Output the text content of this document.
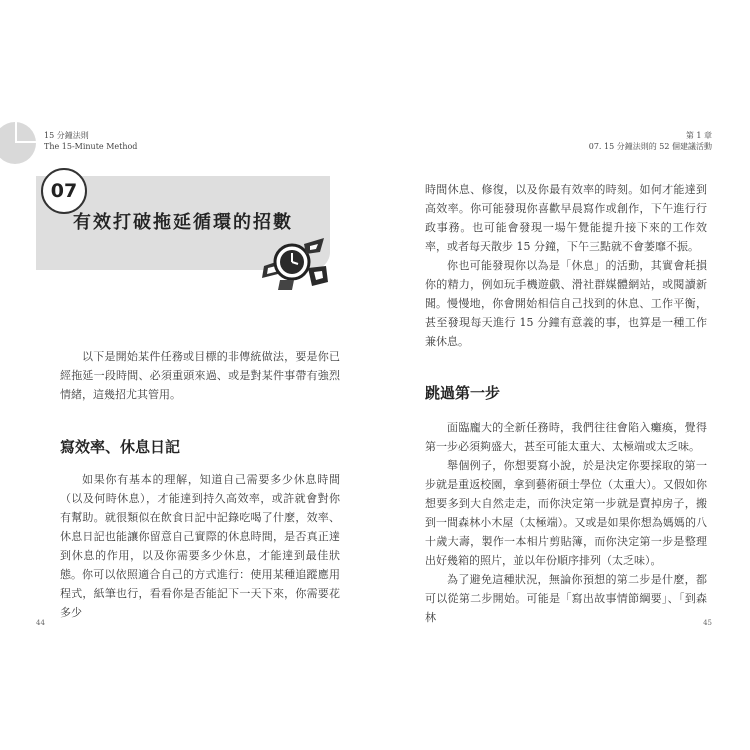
15 分鐘法則
The 15-Minute Method
07
有效打破拖延循環的招數

以下是開始某件任務或目標的非傳統做法，要是你已經拖延一段時間、必須重頭來過、或是對某件事帶有強烈情緒，這幾招尤其管用。

寫效率、休息日記

如果你有基本的理解，知道自己需要多少休息時間（以及何時休息），才能達到持久高效率，或許就會對你有幫助。就很類似在飲食日記中記錄吃喝了什麼，效率、休息日記也能讓你留意自己實際的休息時間，是否真正達到休息的作用，以及你需要多少休息，才能達到最佳狀態。 你可以依照適合自己的方式進行：使用某種追蹤應用程式，紙筆也行，看看你是否能記下一天下來，你需要花多少

44
第 1 章
07. 15 分鐘法則的 52 個建議活動

時間休息、修復，以及你最有效率的時刻。如何才能達到高效率。你可能發現你喜歡早晨寫作或創作，下午進行行政事務。也可能會發現一場午覺能提升接下來的工作效率，或者每天散步 15 分鐘，下午三點就不會萎靡不振。

你也可能發現你以為是「休息」的活動，其實會耗損你的精力，例如玩手機遊戲、滑社群媒體網站，或閱讀新聞。 慢慢地，你會開始相信自己找到的休息、工作平衡，甚至發現每天進行 15 分鐘有意義的事，也算是一種工作兼休息。

跳過第一步

面臨龐大的全新任務時，我們往往會陷入癱瘓，覺得第一步必須夠盛大，甚至可能太重大、太極端或太乏味。

舉個例子，你想要寫小說，於是決定你要採取的第一步就是重返校園，拿到藝術碩士學位（太重大）。又假如你想要多到大自然走走，而你決定第一步就是賣掉房子，搬到一間森林小木屋（太極端）。又或是如果你想為媽媽的八十歲大壽，製作一本相片剪貼簿，而你決定第一步是整理出好幾箱的照片，並以年份順序排列（太乏味）。

為了避免這種狀況，無論你預想的第二步是什麼，都可以從第二步開始。可能是「寫出故事情節綱要」、「到森林	45
